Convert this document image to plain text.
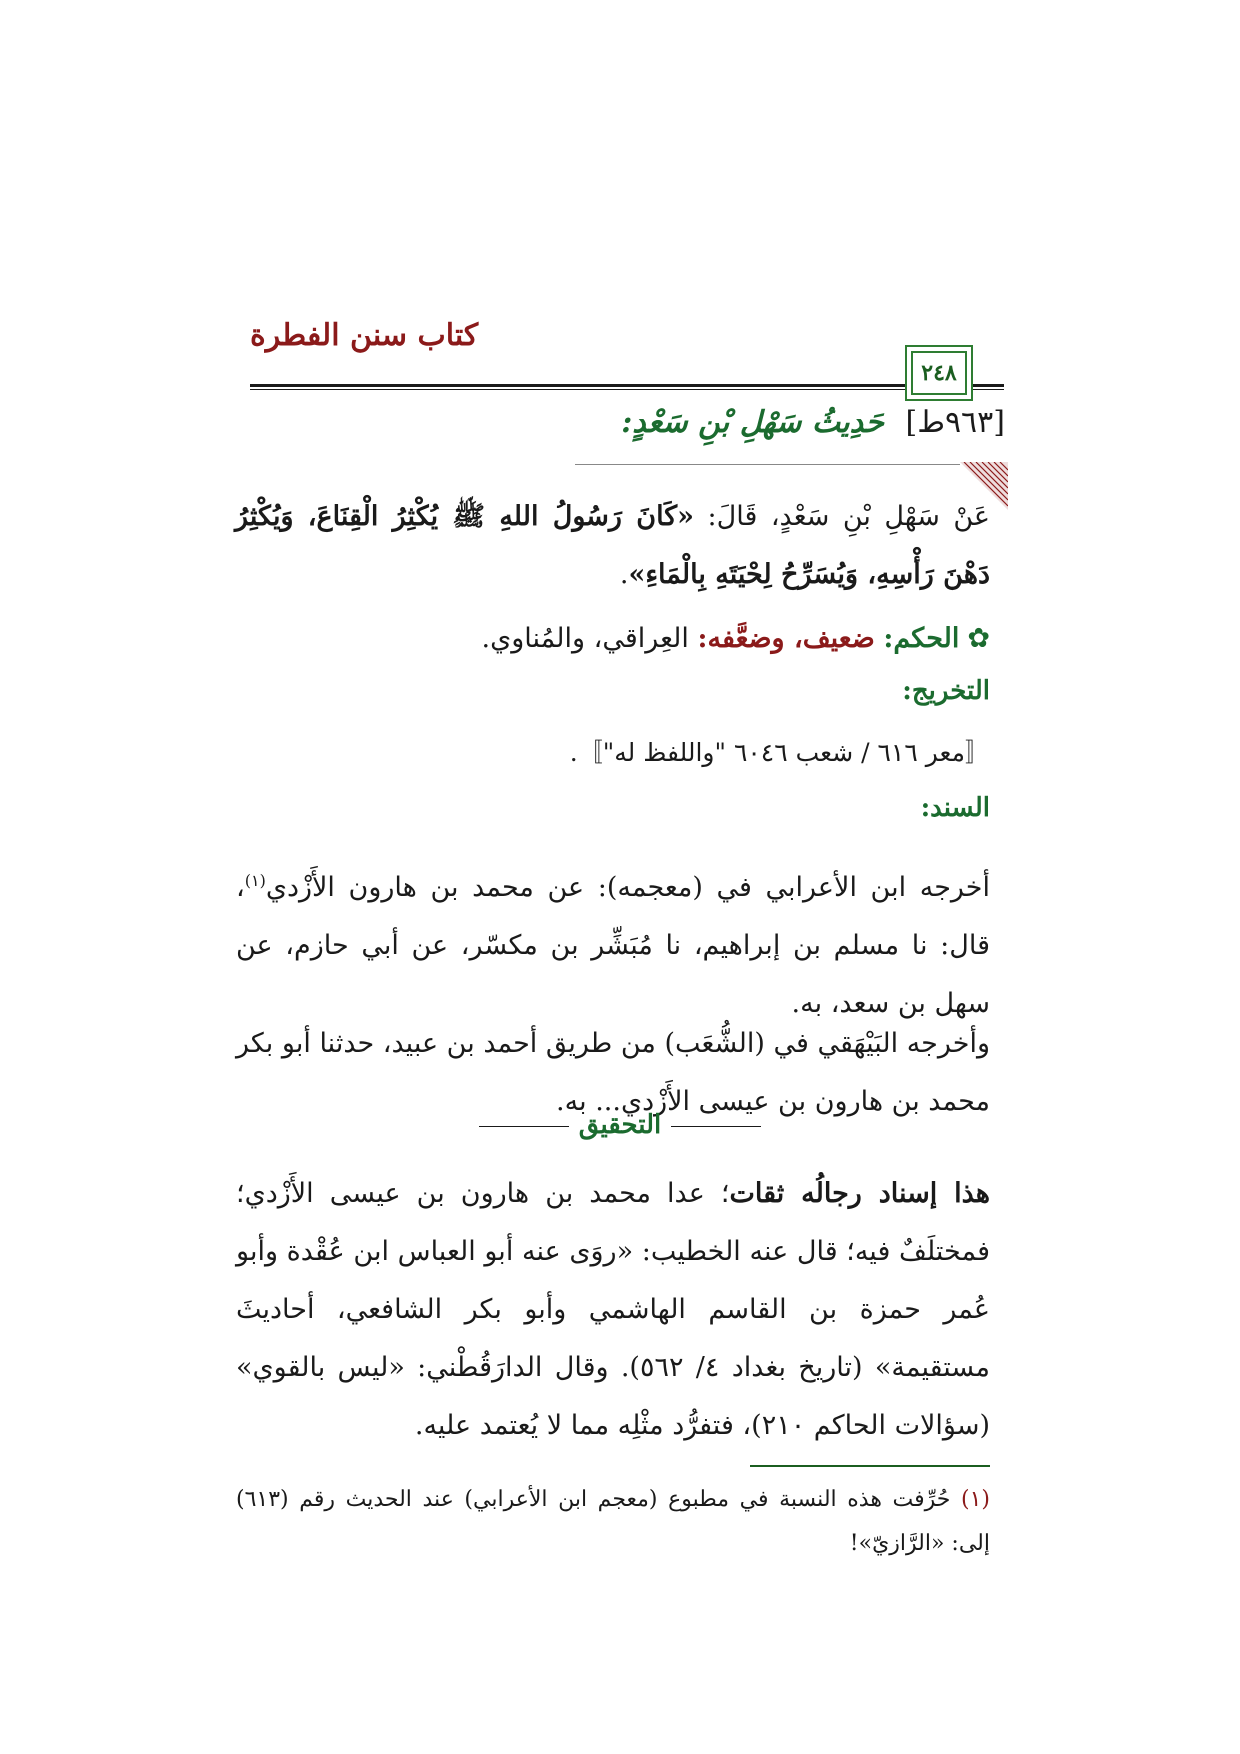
كتاب سنن الفطرة
٢٤٨
[٩٦٣ط] حَدِيثُ سَهْلِ بْنِ سَعْدٍ:
عَنْ سَهْلِ بْنِ سَعْدٍ، قَالَ: «كَانَ رَسُولُ اللهِ ﷺ يُكْثِرُ الْقِنَاعَ، وَيُكْثِرُ دَهْنَ رَأْسِهِ، وَيُسَرِّحُ لِحْيَتَهِ بِالْمَاءِ».
✿الحكم: ضعيف، وضعَّفه: العِراقي، والمُناوي.
التخريج:
〚معر ٦١٦ / شعب ٦٠٤٦ "واللفظ له"〛.
السند:
أخرجه ابن الأعرابي في (معجمه): عن محمد بن هارون الأَزْدي$^{(١)}$، قال: نا مسلم بن إبراهيم، نا مُبَشِّر بن مكسّر، عن أبي حازم، عن سهل بن سعد، به.
وأخرجه البَيْهَقي في (الشُّعَب) من طريق أحمد بن عبيد، حدثنا أبو بكر محمد بن هارون بن عيسى الأَزْدي... به.
التحقيق
هذا إسناد رجالُه ثقات؛ عدا محمد بن هارون بن عيسى الأَزْدي؛ فمختلَفٌ فيه؛ قال عنه الخطيب: «روَى عنه أبو العباس ابن عُقْدة وأبو عُمر حمزة بن القاسم الهاشمي وأبو بكر الشافعي، أحاديثَ مستقيمة» (تاريخ بغداد ٤/ ٥٦٢). وقال الدارَقُطْني: «ليس بالقوي» (سؤالات الحاكم ٢١٠)، فتفرُّد مثْلِه مما لا يُعتمد عليه.
(١) حُرِّفت هذه النسبة في مطبوع (معجم ابن الأعرابي) عند الحديث رقم (٦١٣) إلى: «الرَّازيّ»!
